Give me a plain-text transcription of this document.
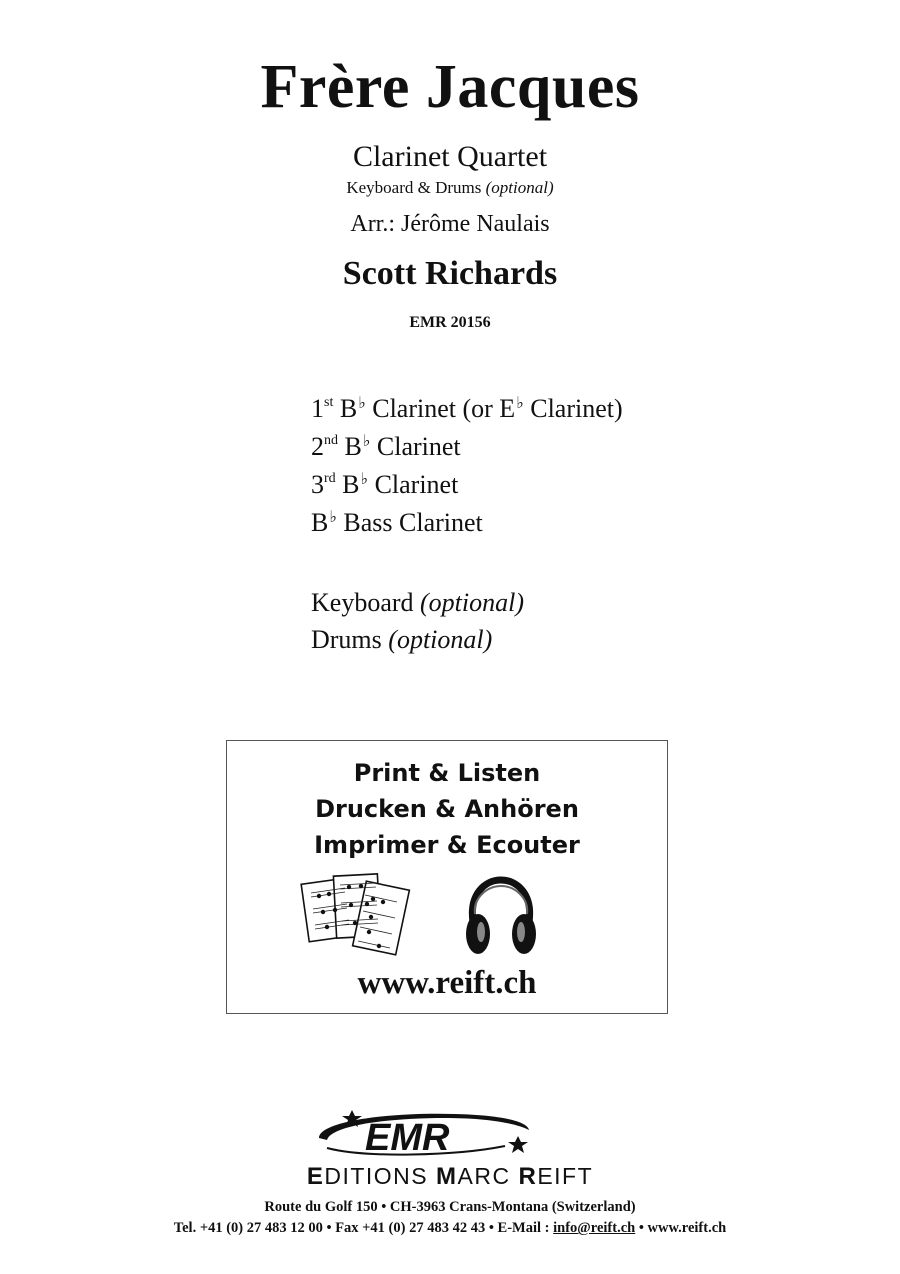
Frère Jacques
Clarinet Quartet
Keyboard & Drums (optional)
Arr.: Jérôme Naulais
Scott Richards
EMR 20156
1st B♭ Clarinet (or E♭ Clarinet)
2nd B♭ Clarinet
3rd B♭ Clarinet
B♭ Bass Clarinet
Keyboard (optional)
Drums (optional)
Print & Listen
Drucken & Anhören
Imprimer & Ecouter
www.reift.ch
EMR
EDITIONS MARC REIFT
Route du Golf 150 • CH-3963 Crans-Montana (Switzerland)
Tel. +41 (0) 27 483 12 00 • Fax +41 (0) 27 483 42 43 • E-Mail : info@reift.ch • www.reift.ch
